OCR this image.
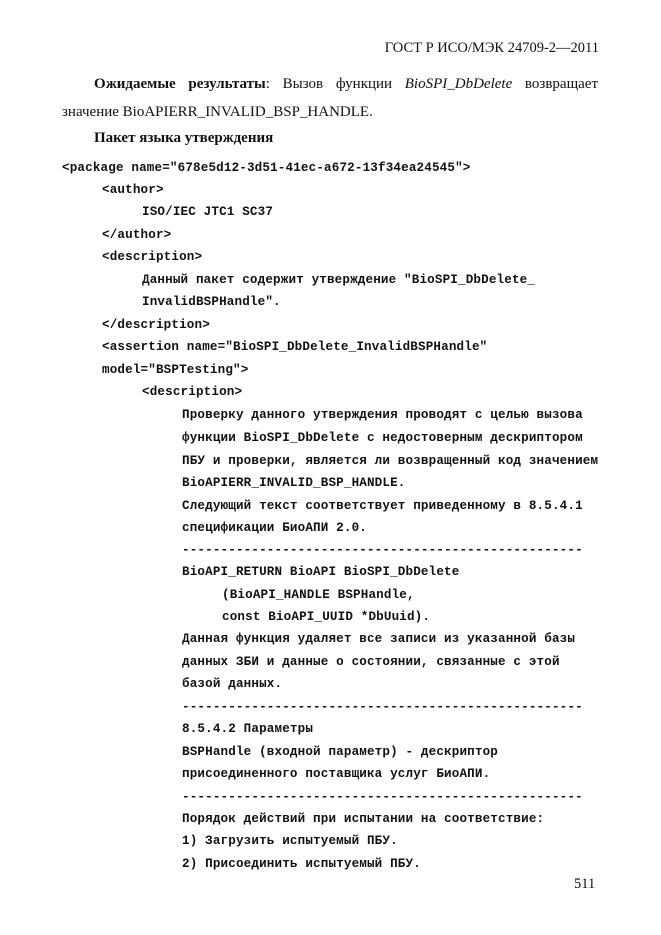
ГОСТ Р ИСО/МЭК 24709-2—2011
Ожидаемые результаты: Вызов функции BioSPI_DbDelete возвращает
значение BioAPIERR_INVALID_BSP_HANDLE.
Пакет языка утверждения
<package name="678e5d12-3d51-41ec-a672-13f34ea24545">
<author>
ISO/IEC JTC1 SC37
</author>
<description>
Данный пакет содержит утверждение "BioSPI_DbDelete_
InvalidBSPHandle".
</description>
<assertion name="BioSPI_DbDelete_InvalidBSPHandle"
model="BSPTesting">
<description>
Проверку данного утверждения проводят с целью вызова
функции BioSPI_DbDelete с недостоверным дескриптором
ПБУ и проверки, является ли возвращенный код значением
BioAPIERR_INVALID_BSP_HANDLE.
Следующий текст соответствует приведенному в 8.5.4.1
спецификации БиоАПИ 2.0.
----------------------------------------------------
BioAPI_RETURN BioAPI BioSPI_DbDelete
(BioAPI_HANDLE BSPHandle,
const BioAPI_UUID *DbUuid).
Данная функция удаляет все записи из указанной базы
данных ЗБИ и данные о состоянии, связанные с этой
базой данных.
----------------------------------------------------
8.5.4.2 Параметры
BSPHandle (входной параметр) - дескриптор
присоединенного поставщика услуг БиоАПИ.
----------------------------------------------------
Порядок действий при испытании на соответствие:
1) Загрузить испытуемый ПБУ.
2) Присоединить испытуемый ПБУ.
511
